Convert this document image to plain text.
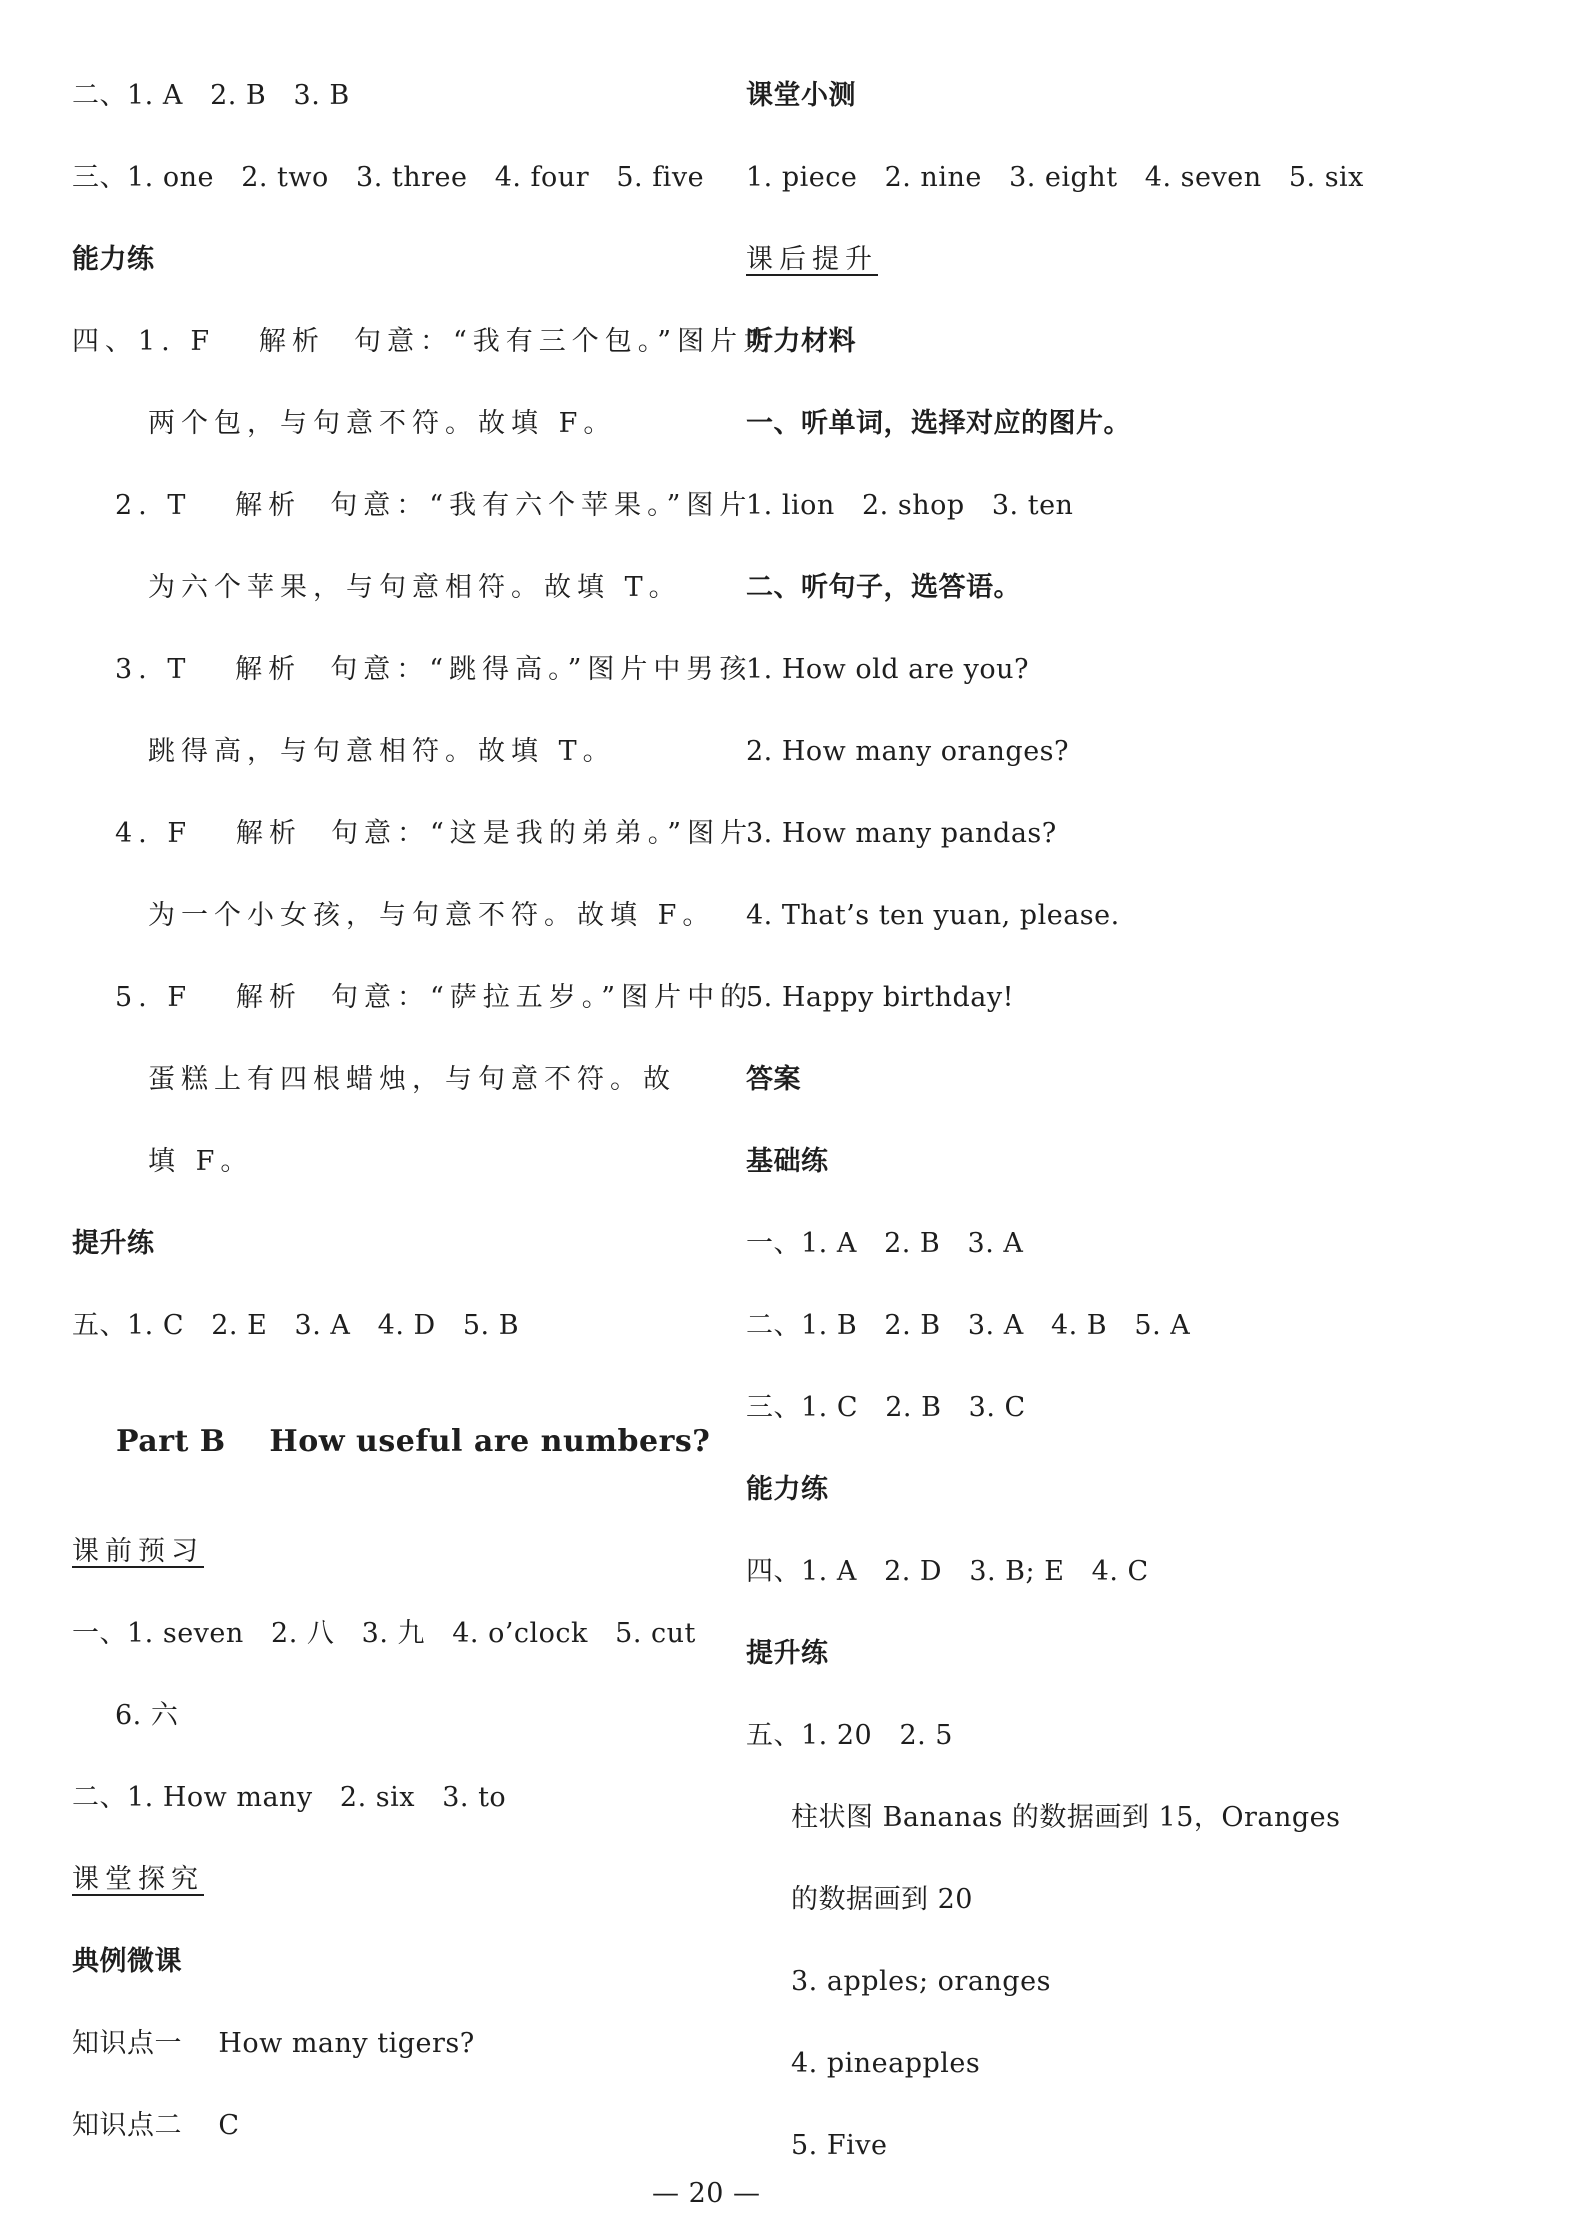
二、1. A   2. B   3. B
三、1. one   2. two   3. three   4. four   5. five
能力练
四、1. F   解析  句意：“我有三个包。”图片为
两个包，与句意不符。故填 F。
2. T   解析  句意：“我有六个苹果。”图片
为六个苹果，与句意相符。故填 T。
3. T   解析  句意：“跳得高。”图片中男孩
跳得高，与句意相符。故填 T。
4. F   解析  句意：“这是我的弟弟。”图片
为一个小女孩，与句意不符。故填 F。
5. F   解析  句意：“萨拉五岁。”图片中的
蛋糕上有四根蜡烛，与句意不符。故
填 F。
提升练
五、1. C   2. E   3. A   4. D   5. B
Part B    How useful are numbers?
课前预习
一、1. seven   2. 八   3. 九   4. o’clock   5. cut
6. 六
二、1. How many   2. six   3. to
课堂探究
典例微课
知识点一    How many tigers?
知识点二    C
课堂小测
1. piece   2. nine   3. eight   4. seven   5. six
课后提升
听力材料
一、听单词，选择对应的图片。
1. lion   2. shop   3. ten
二、听句子，选答语。
1. How old are you?
2. How many oranges?
3. How many pandas?
4. That’s ten yuan, please.
5. Happy birthday!
答案
基础练
一、1. A   2. B   3. A
二、1. B   2. B   3. A   4. B   5. A
三、1. C   2. B   3. C
能力练
四、1. A   2. D   3. B; E   4. C
提升练
五、1. 20   2. 5
柱状图 Bananas 的数据画到 15，Oranges
的数据画到 20
3. apples; oranges
4. pineapples
5. Five
— 20 —
